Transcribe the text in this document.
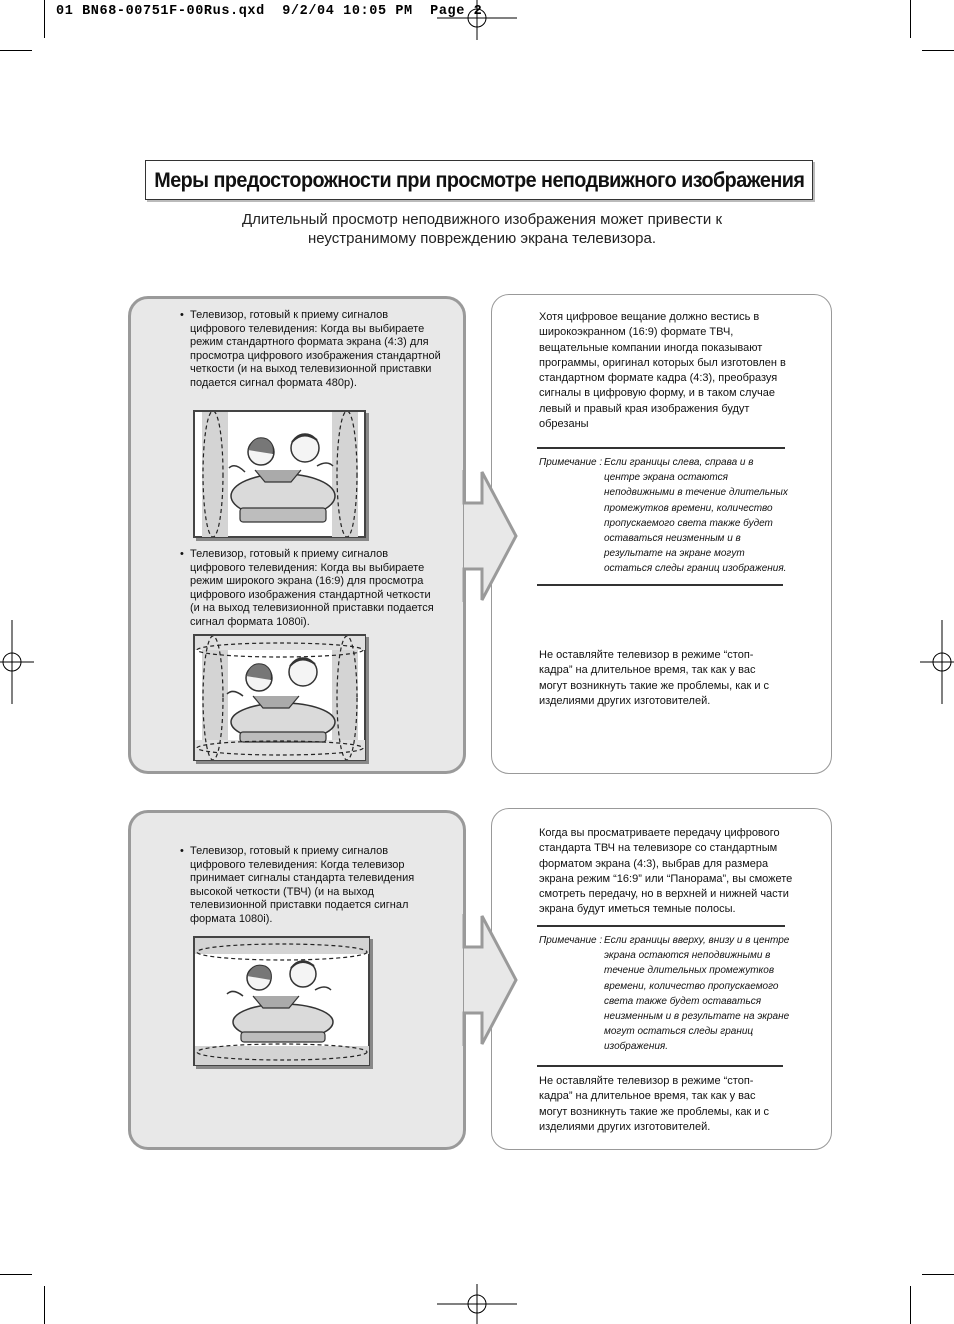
01 BN68-00751F-00Rus.qxd  9/2/04 10:05 PM  Page 2
Меры предосторожности при просмотре неподвижного изображения
Длительный просмотр неподвижного изображения может привести к неустранимому повреждению экрана телевизора.
• Телевизор, готовый к приему сигналов цифрового телевидения: Когда вы выбираете режим стандартного формата экрана (4:3) для просмотра цифрового изображения стандартной четкости (и на выход телевизионной приставки подается сигнал формата 480p).
• Телевизор, готовый к приему сигналов цифрового телевидения: Когда вы выбираете режим широкого экрана (16:9) для просмотра цифрового изображения стандартной четкости (и на выход телевизионной приставки подается сигнал формата 1080i).
Хотя цифровое вещание должно вестись в широкоэкранном (16:9) формате ТВЧ, вещательные компании иногда показывают программы, оригинал которых был изготовлен в стандартном формате кадра (4:3), преобразуя сигналы в цифровую форму, и в таком случае левый и правый края изображения будут обрезаны
Примечание : Если границы слева, справа и в центре экрана остаются неподвижными в течение длительных промежутков времени, количество пропускаемого света также будет оставаться неизменным и в результате на экране могут остаться следы границ изображения.
Не оставляйте телевизор в режиме “стоп-кадра” на длительное время, так как у вас могут возникнуть такие же проблемы, как и с изделиями других изготовителей.
• Телевизор, готовый к приему сигналов цифрового телевидения: Когда телевизор принимает сигналы стандарта телевидения высокой четкости (ТВЧ) (и на выход телевизионной приставки подается сигнал формата 1080i).
Когда вы просматриваете передачу цифрового стандарта ТВЧ на телевизоре со стандартным форматом экрана (4:3), выбрав для размера экрана режим “16:9” или “Панорама”, вы сможете смотреть передачу, но в верхней и нижней части экрана будут иметься темные полосы.
Примечание : Если границы вверху, внизу и в центре экрана остаются неподвижными в течение длительных промежутков времени, количество пропускаемого света также будет оставаться неизменным и в результате на экране могут остаться следы границ изображения.
Не оставляйте телевизор в режиме “стоп-кадра” на длительное время, так как у вас могут возникнуть такие же проблемы, как и с изделиями других изготовителей.
